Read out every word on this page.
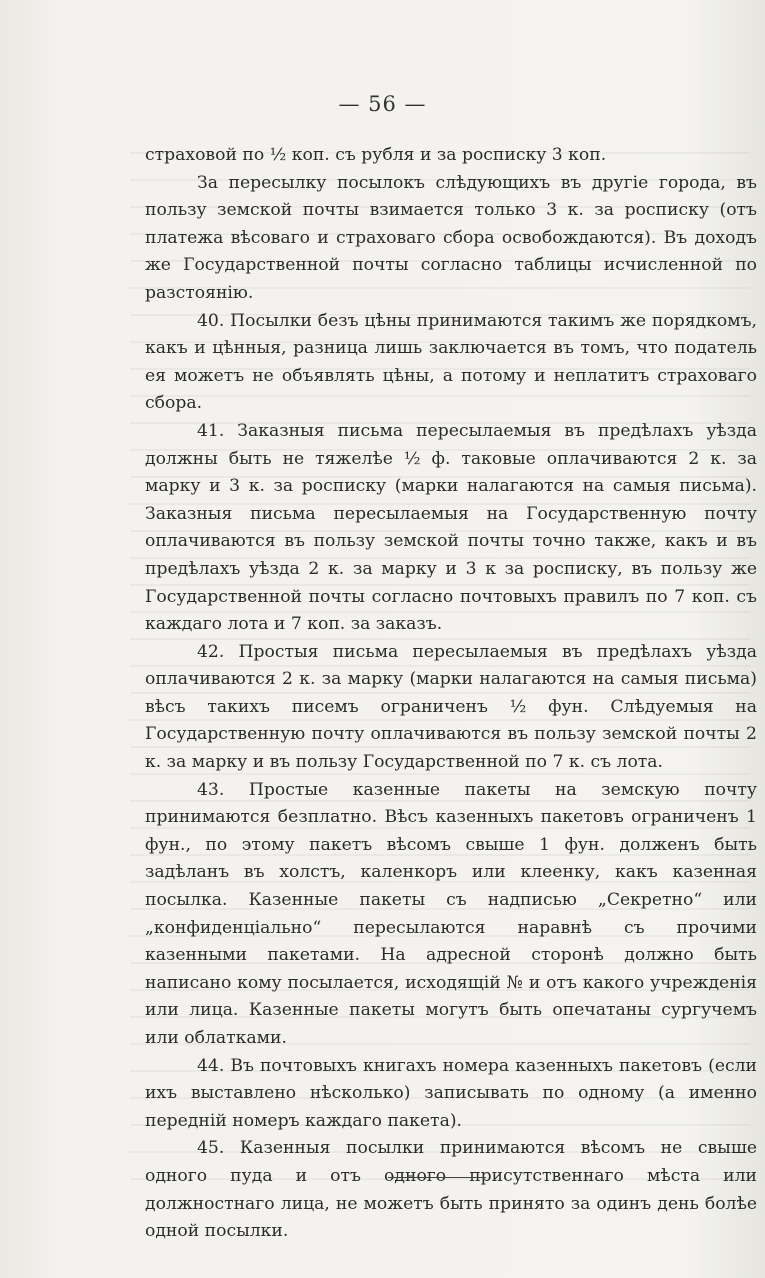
— 56 —

страховой по ½ коп. съ рубля и за росписку 3 коп.

За пересылку посылокъ слѣдующихъ въ другіе города, въ пользу земской почты взимается только 3 к. за росписку (отъ платежа вѣсоваго и страховаго сбора освобождаются). Въ доходъ же Государственной почты согласно таблицы исчисленной по разстоянію.

40. Посылки безъ цѣны принимаются такимъ же порядкомъ, какъ и цѣнныя, разница лишь заключается въ томъ, что податель ея можетъ не объявлять цѣны, а потому и неплатитъ страховаго сбора.

41. Заказныя письма пересылаемыя въ предѣлахъ уѣзда должны быть не тяжелѣе ½ ф. таковые оплачиваются 2 к. за марку и 3 к. за росписку (марки налагаются на самыя письма). Заказныя письма пересылаемыя на Государственную почту оплачиваются въ пользу земской почты точно также, какъ и въ предѣлахъ уѣзда 2 к. за марку и 3 к за росписку, въ пользу же Государственной почты согласно почтовыхъ правилъ по 7 коп. съ каждаго лота и 7 коп. за заказъ.

42. Простыя письма пересылаемыя въ предѣлахъ уѣзда оплачиваются 2 к. за марку (марки налагаются на самыя письма) вѣсъ такихъ писемъ ограниченъ ½ фун. Слѣдуемыя на Государственную почту оплачиваются въ пользу земской почты 2 к. за марку и въ пользу Государственной по 7 к. съ лота.

43. Простые казенные пакеты на земскую почту принимаются безплатно. Вѣсъ казенныхъ пакетовъ ограниченъ 1 фун., по этому пакетъ вѣсомъ свыше 1 фун. долженъ быть задѣланъ въ холстъ, каленкоръ или клеенку, какъ казенная посылка. Казенные пакеты съ надписью „Секретно“ или „конфиденціально“ пересылаются наравнѣ съ прочими казенными пакетами. На адресной сторонѣ должно быть написано кому посылается, исходящій № и отъ какого учрежденія или лица. Казенные пакеты могутъ быть опечатаны сургучемъ или облатками.

44. Въ почтовыхъ книгахъ номера казенныхъ пакетовъ (если ихъ выставлено нѣсколько) записывать по одному (а именно передній номеръ каждаго пакета).

45. Казенныя посылки принимаются вѣсомъ не свыше одного пуда и отъ одного присутственнаго мѣста или должностнаго лица, не можетъ быть принято за одинъ день болѣе одной посылки.
